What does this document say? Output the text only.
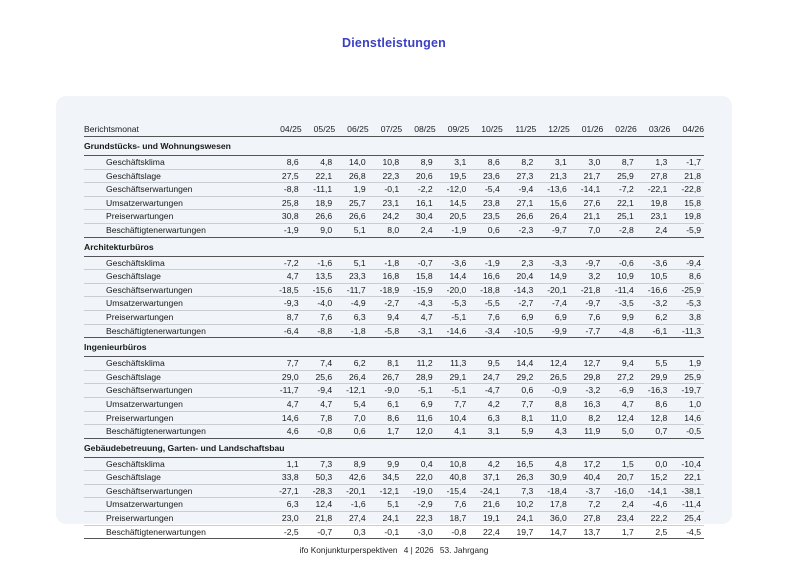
Dienstleistungen
Berichtsmonat	04/25	05/25	06/25	07/25	08/25	09/25	10/25	11/25	12/25	01/26	02/26	03/26	04/26
Grundstücks- und Wohnungswesen													
Geschäftsklima	8,6	4,8	14,0	10,8	8,9	3,1	8,6	8,2	3,1	3,0	8,7	1,3	-1,7
Geschäftslage	27,5	22,1	26,8	22,3	20,6	19,5	23,6	27,3	21,3	21,7	25,9	27,8	21,8
Geschäftserwartungen	-8,8	-11,1	1,9	-0,1	-2,2	-12,0	-5,4	-9,4	-13,6	-14,1	-7,2	-22,1	-22,8
Umsatzerwartungen	25,8	18,9	25,7	23,1	16,1	14,5	23,8	27,1	15,6	27,6	22,1	19,8	15,8
Preiserwartungen	30,8	26,6	26,6	24,2	30,4	20,5	23,5	26,6	26,4	21,1	25,1	23,1	19,8
Beschäftigtenerwartungen	-1,9	9,0	5,1	8,0	2,4	-1,9	0,6	-2,3	-9,7	7,0	-2,8	2,4	-5,9
Architekturbüros													
Geschäftsklima	-7,2	-1,6	5,1	-1,8	-0,7	-3,6	-1,9	2,3	-3,3	-9,7	-0,6	-3,6	-9,4
Geschäftslage	4,7	13,5	23,3	16,8	15,8	14,4	16,6	20,4	14,9	3,2	10,9	10,5	8,6
Geschäftserwartungen	-18,5	-15,6	-11,7	-18,9	-15,9	-20,0	-18,8	-14,3	-20,1	-21,8	-11,4	-16,6	-25,9
Umsatzerwartungen	-9,3	-4,0	-4,9	-2,7	-4,3	-5,3	-5,5	-2,7	-7,4	-9,7	-3,5	-3,2	-5,3
Preiserwartungen	8,7	7,6	6,3	9,4	4,7	-5,1	7,6	6,9	6,9	7,6	9,9	6,2	3,8
Beschäftigtenerwartungen	-6,4	-8,8	-1,8	-5,8	-3,1	-14,6	-3,4	-10,5	-9,9	-7,7	-4,8	-6,1	-11,3
Ingenieurbüros													
Geschäftsklima	7,7	7,4	6,2	8,1	11,2	11,3	9,5	14,4	12,4	12,7	9,4	5,5	1,9
Geschäftslage	29,0	25,6	26,4	26,7	28,9	29,1	24,7	29,2	26,5	29,8	27,2	29,9	25,9
Geschäftserwartungen	-11,7	-9,4	-12,1	-9,0	-5,1	-5,1	-4,7	0,6	-0,9	-3,2	-6,9	-16,3	-19,7
Umsatzerwartungen	4,7	4,7	5,4	6,1	6,9	7,7	4,2	7,7	8,8	16,3	4,7	8,6	1,0
Preiserwartungen	14,6	7,8	7,0	8,6	11,6	10,4	6,3	8,1	11,0	8,2	12,4	12,8	14,6
Beschäftigtenerwartungen	4,6	-0,8	0,6	1,7	12,0	4,1	3,1	5,9	4,3	11,9	5,0	0,7	-0,5
Gebäudebetreuung, Garten- und Landschaftsbau													
Geschäftsklima	1,1	7,3	8,9	9,9	0,4	10,8	4,2	16,5	4,8	17,2	1,5	0,0	-10,4
Geschäftslage	33,8	50,3	42,6	34,5	22,0	40,8	37,1	26,3	30,9	40,4	20,7	15,2	22,1
Geschäftserwartungen	-27,1	-28,3	-20,1	-12,1	-19,0	-15,4	-24,1	7,3	-18,4	-3,7	-16,0	-14,1	-38,1
Umsatzerwartungen	6,3	12,4	-1,6	5,1	-2,9	7,6	21,6	10,2	17,8	7,2	2,4	-4,6	-11,4
Preiserwartungen	23,0	21,8	27,4	24,1	22,3	18,7	19,1	24,1	36,0	27,8	23,4	22,2	25,4
Beschäftigtenerwartungen	-2,5	-0,7	0,3	-0,1	-3,0	-0,8	22,4	19,7	14,7	13,7	1,7	2,5	-4,5
ifo Konjunkturperspektiven 4 | 2026 53. Jahrgang
